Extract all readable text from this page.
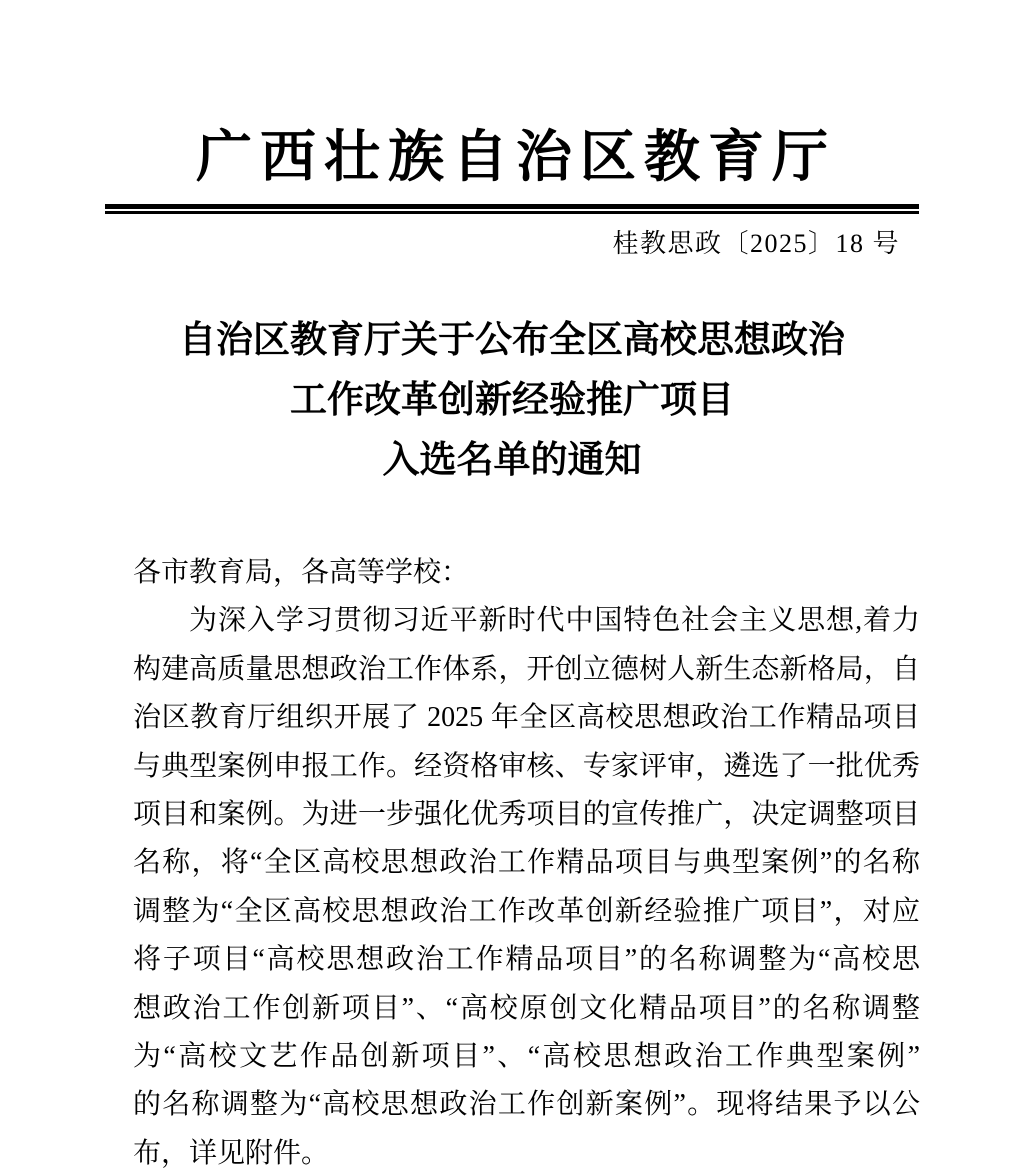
广西壮族自治区教育厅
桂教思政〔2025〕18 号
自治区教育厅关于公布全区高校思想政治
工作改革创新经验推广项目
入选名单的通知
各市教育局，各高等学校：
为深入学习贯彻习近平新时代中国特色社会主义思想,着力
构建高质量思想政治工作体系，开创立德树人新生态新格局，自
治区教育厅组织开展了 2025 年全区高校思想政治工作精品项目
与典型案例申报工作。经资格审核、专家评审，遴选了一批优秀
项目和案例。为进一步强化优秀项目的宣传推广，决定调整项目
名称，将“全区高校思想政治工作精品项目与典型案例”的名称
调整为“全区高校思想政治工作改革创新经验推广项目”，对应
将子项目“高校思想政治工作精品项目”的名称调整为“高校思
想政治工作创新项目”、“高校原创文化精品项目”的名称调整
为“高校文艺作品创新项目”、“高校思想政治工作典型案例”
的名称调整为“高校思想政治工作创新案例”。现将结果予以公
布，详见附件。
